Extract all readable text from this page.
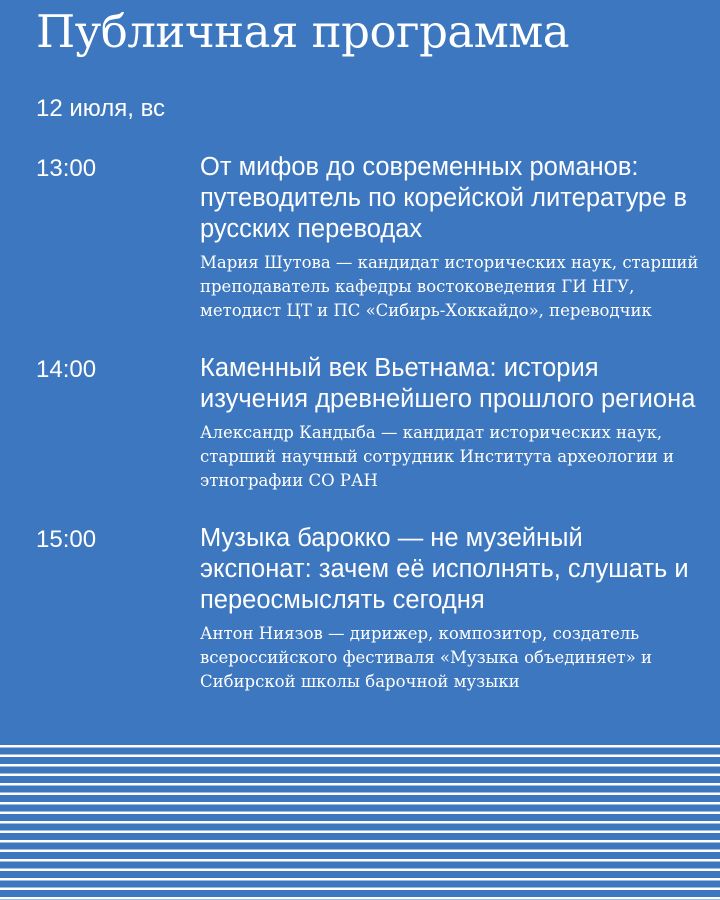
Публичная программа
12 июля, вс
13:00	От мифов до современных романов: путеводитель по корейской литературе в русских переводах
Мария Шутова — кандидат исторических наук, старший преподаватель кафедры востоковедения ГИ НГУ, методист ЦТ и ПС «Сибирь-Хоккайдо», переводчик
14:00	Каменный век Вьетнама: история изучения древнейшего прошлого региона
Александр Кандыба — кандидат исторических наук, старший научный сотрудник Института археологии и этнографии СО РАН
15:00	Музыка барокко — не музейный экспонат: зачем её исполнять, слушать и переосмыслять сегодня
Антон Ниязов — дирижер, композитор, создатель всероссийского фестиваля «Музыка объединяет» и Сибирской школы барочной музыки
